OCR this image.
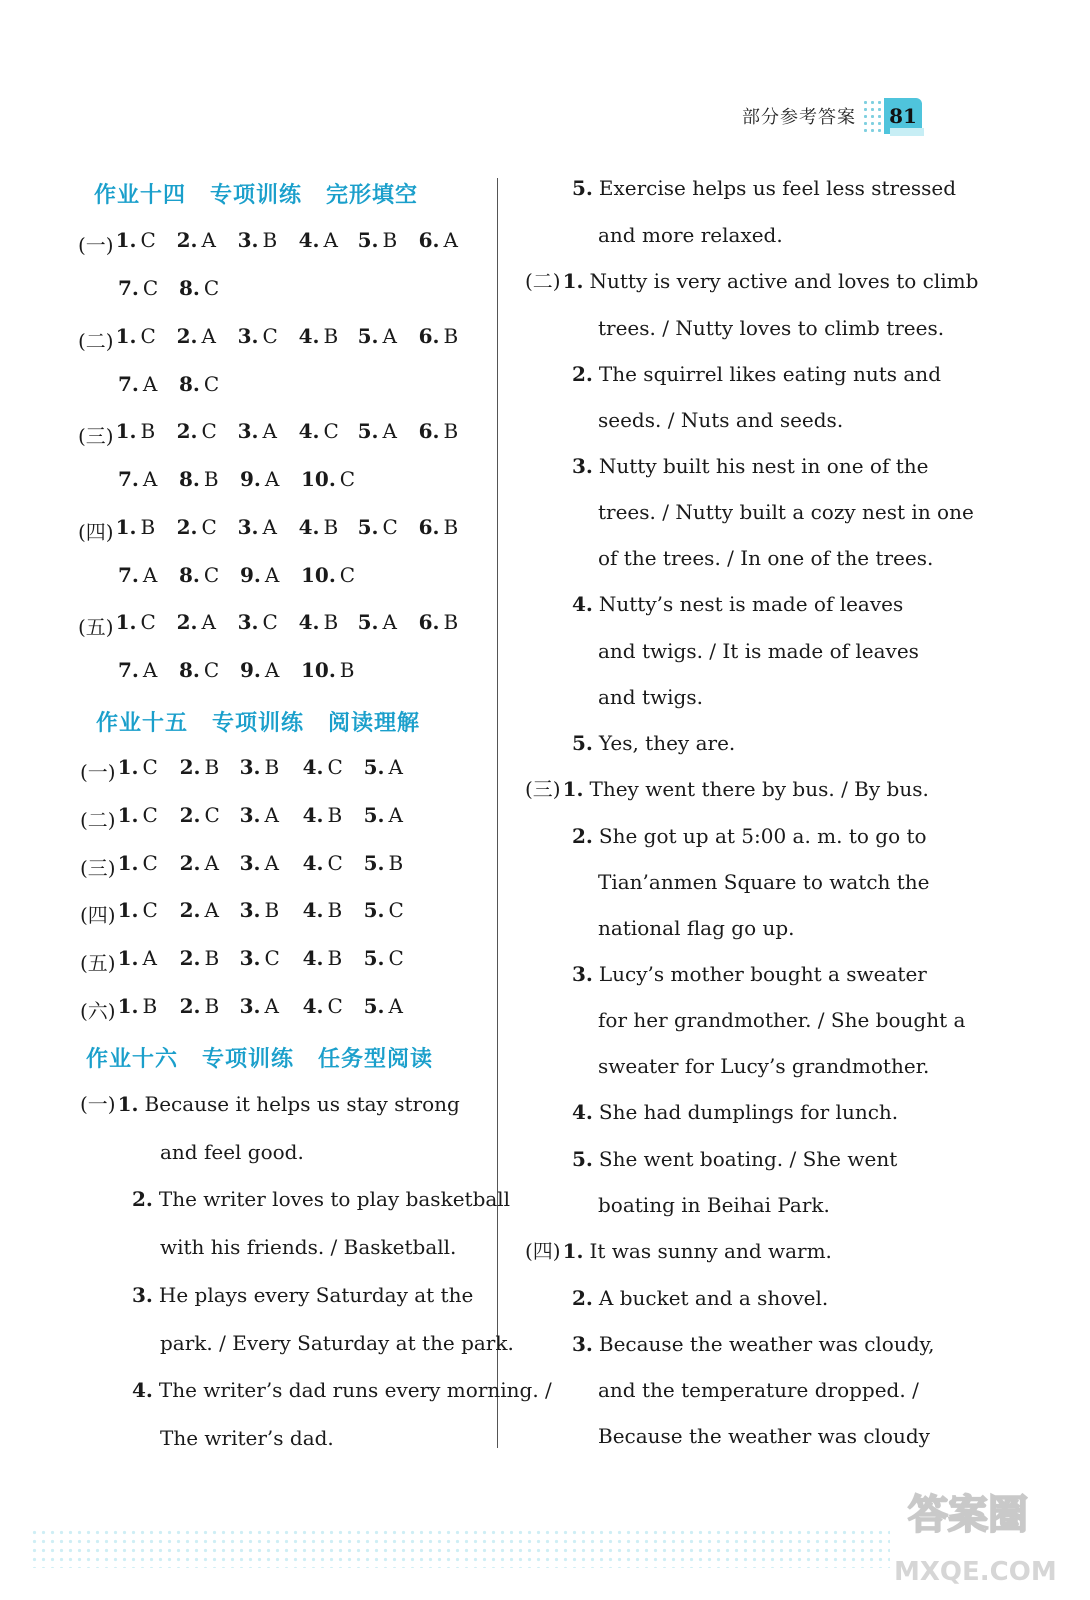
部分参考答案 81
作业十四 专项训练 完形填空
(一) 1. C 2. A 3. B 4. A 5. B 6. A
7. C 8. C
(二) 1. C 2. A 3. C 4. B 5. A 6. B
7. A 8. C
(三) 1. B 2. C 3. A 4. C 5. A 6. B
7. A 8. B 9. A 10. C
(四) 1. B 2. C 3. A 4. B 5. C 6. B
7. A 8. C 9. A 10. C
(五) 1. C 2. A 3. C 4. B 5. A 6. B
7. A 8. C 9. A 10. B
作业十五 专项训练 阅读理解
(一) 1. C 2. B 3. B 4. C 5. A
(二) 1. C 2. C 3. A 4. B 5. A
(三) 1. C 2. A 3. A 4. C 5. B
(四) 1. C 2. A 3. B 4. B 5. C
(五) 1. A 2. B 3. C 4. B 5. C
(六) 1. B 2. B 3. A 4. C 5. A
作业十六 专项训练 任务型阅读
(一) 1. Because it helps us stay strong
and feel good.
2. The writer loves to play basketball
with his friends. / Basketball.
3. He plays every Saturday at the
park. / Every Saturday at the park.
4. The writer’s dad runs every morning. /
The writer’s dad.
5. Exercise helps us feel less stressed
and more relaxed.
(二) 1. Nutty is very active and loves to climb
trees. / Nutty loves to climb trees.
2. The squirrel likes eating nuts and
seeds. / Nuts and seeds.
3. Nutty built his nest in one of the
trees. / Nutty built a cozy nest in one
of the trees. / In one of the trees.
4. Nutty’s nest is made of leaves
and twigs. / It is made of leaves
and twigs.
5. Yes, they are.
(三) 1. They went there by bus. / By bus.
2. She got up at 5:00 a. m. to go to
Tian’anmen Square to watch the
national flag go up.
3. Lucy’s mother bought a sweater
for her grandmother. / She bought a
sweater for Lucy’s grandmother.
4. She had dumplings for lunch.
5. She went boating. / She went
boating in Beihai Park.
(四) 1. It was sunny and warm.
2. A bucket and a shovel.
3. Because the weather was cloudy,
and the temperature dropped. /
Because the weather was cloudy
答案圈
MXQE.COM
